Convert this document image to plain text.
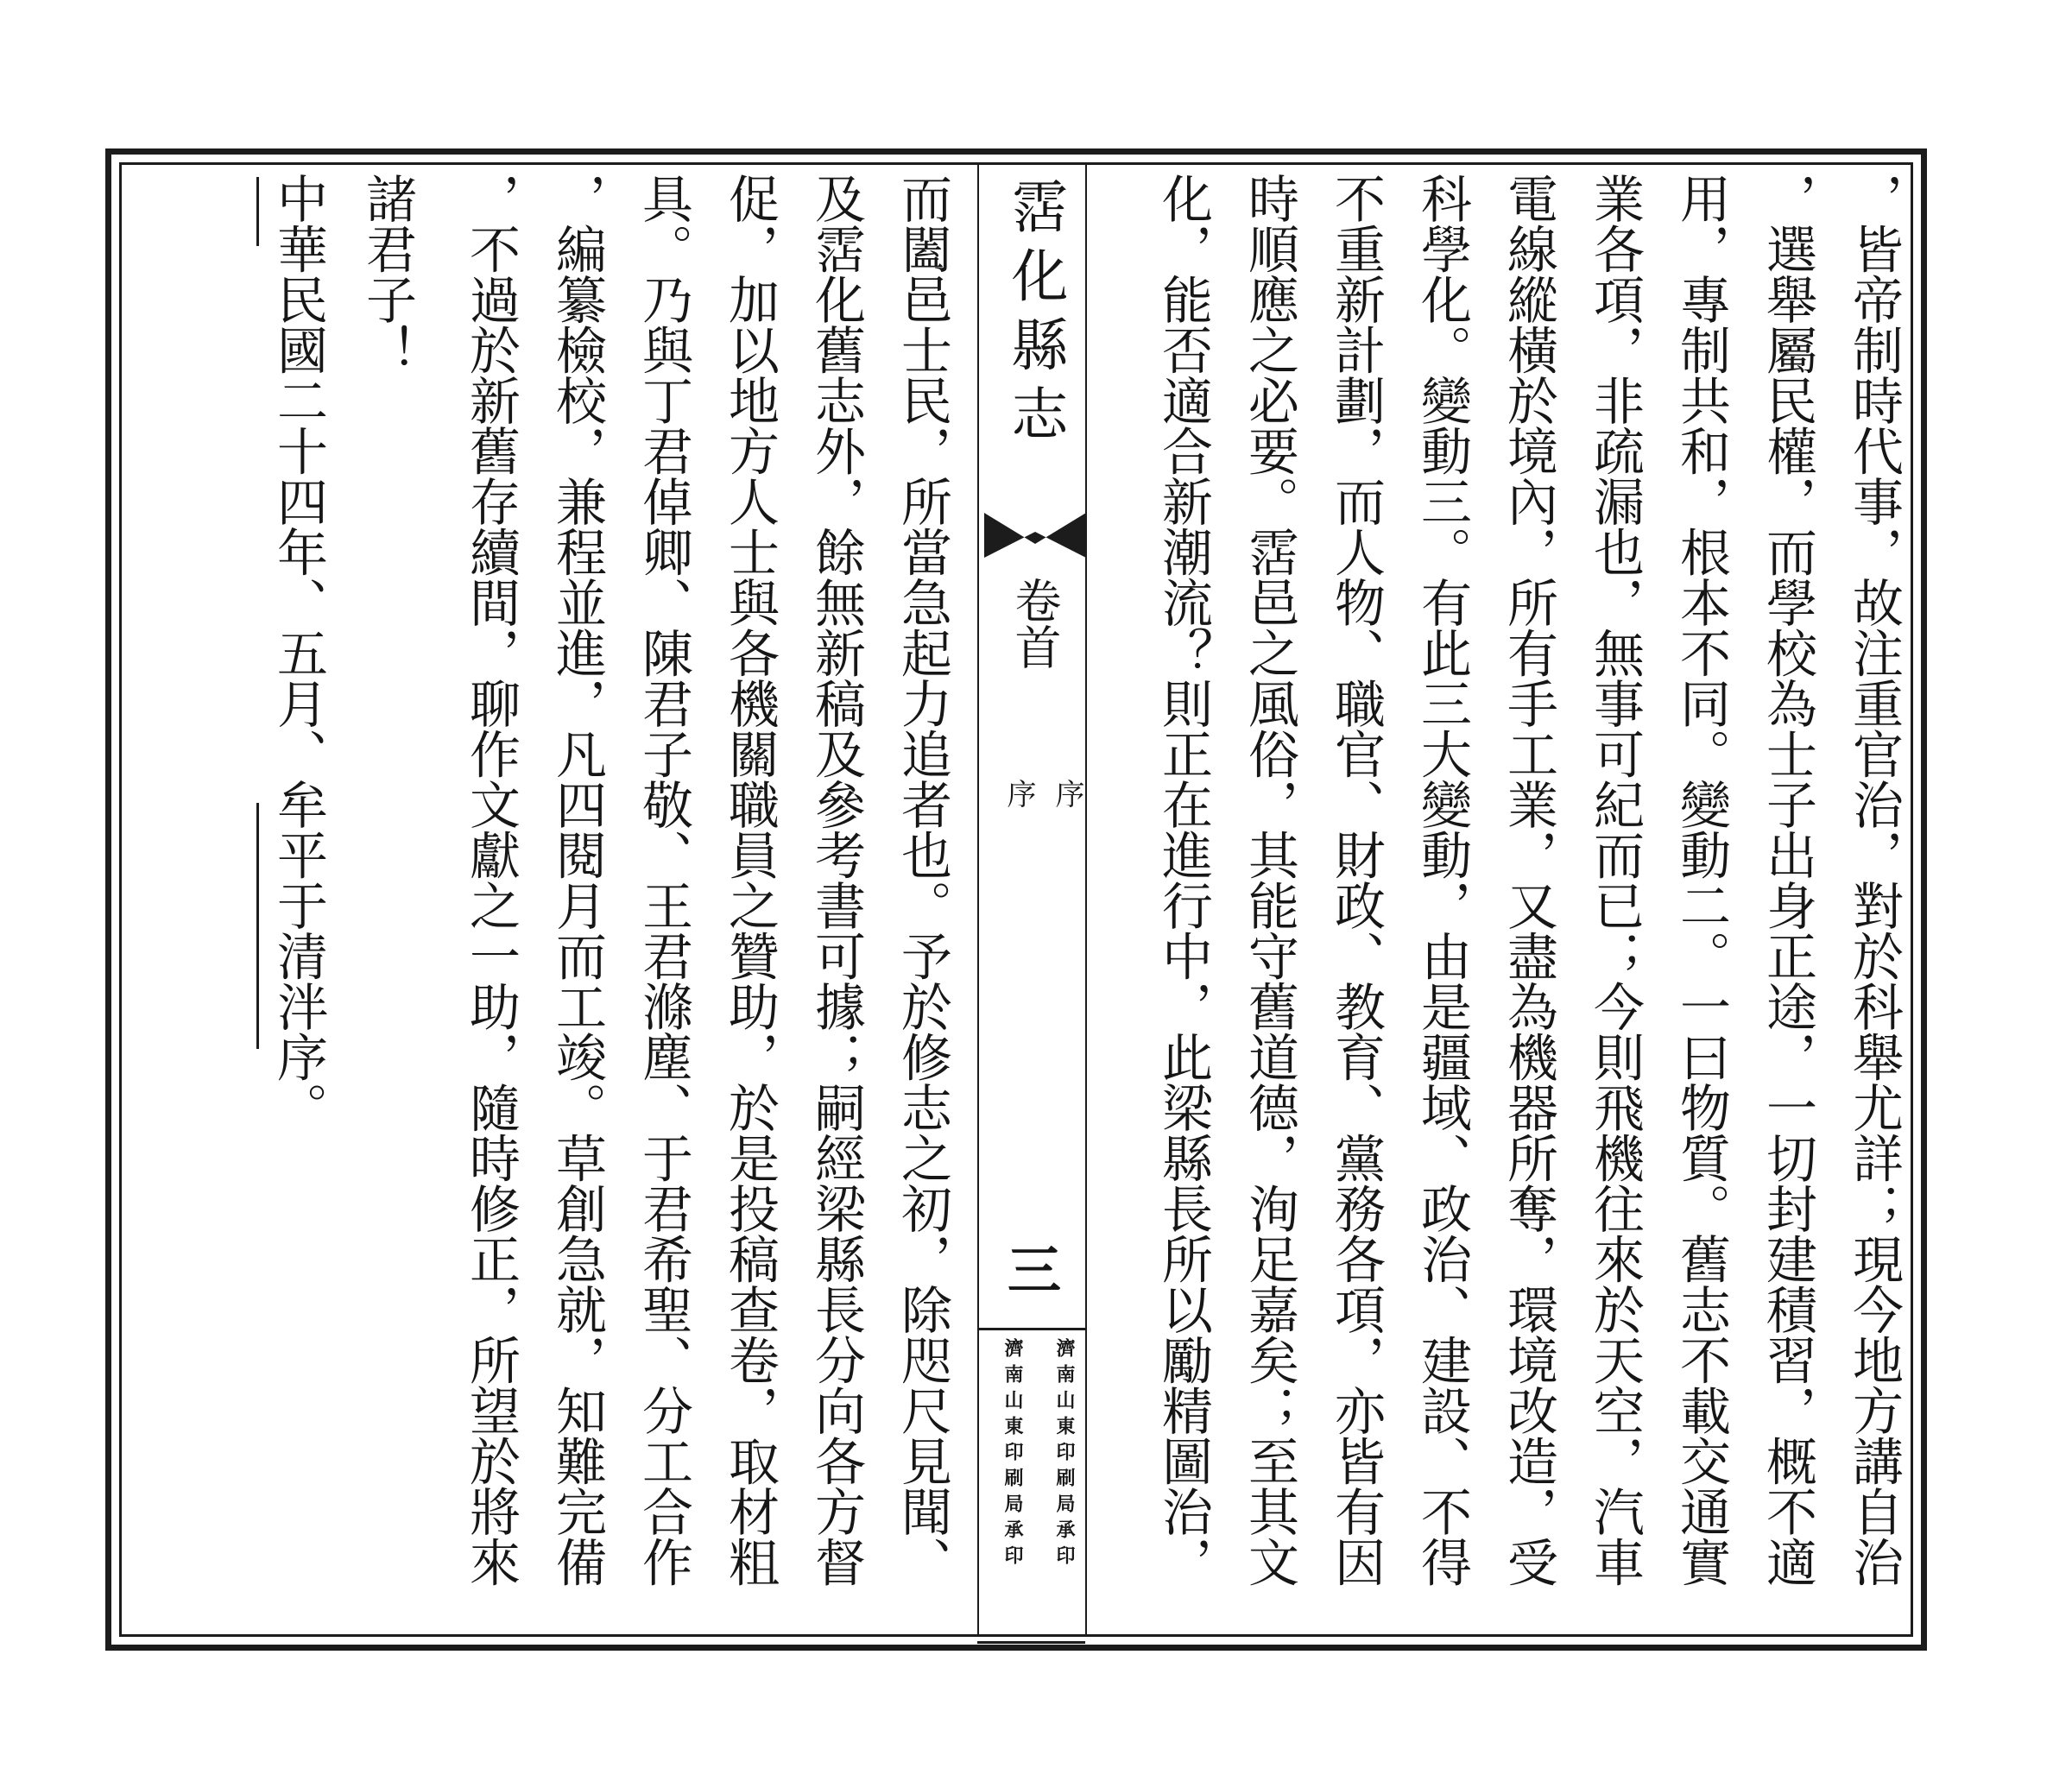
，皆帝制時代事，故注重官治，對於科舉尤詳；現今地方講自治
，選舉屬民權，而學校為士子出身正途，一切封建積習，概不適
用，專制共和，根本不同。變動二。一曰物質。舊志不載交通實
業各項，非疏漏也，無事可紀而已；今則飛機往來於天空，汽車
電線縱橫於境內，所有手工業，又盡為機器所奪，環境改造，受
科學化。變動三。有此三大變動，由是疆域、政治、建設、不得
不重新計劃，而人物、職官、財政、教育、黨務各項，亦皆有因
時順應之必要。霑邑之風俗，其能守舊道德，洵足嘉矣；至其文
化，能否適合新潮流？則正在進行中，此梁縣長所以勵精圖治，
霑化縣志
卷首
序
序
三
濟南山東印刷局承印
濟南山東印刷局承印
而闔邑士民，所當急起力追者也。予於修志之初，除咫尺見聞、
及霑化舊志外，餘無新稿及參考書可據；嗣經梁縣長分向各方督
促，加以地方人士與各機關職員之贊助，於是投稿查卷，取材粗
具。乃與丁君倬卿、陳君子敬、王君滌塵、于君希聖、分工合作
，編纂檢校，兼程並進，凡四閱月而工竣。草創急就，知難完備
，不過於新舊存續間，聊作文獻之一助，隨時修正，所望於將來
諸君子！
中華民國二十四年、五月、牟平于清泮序。
